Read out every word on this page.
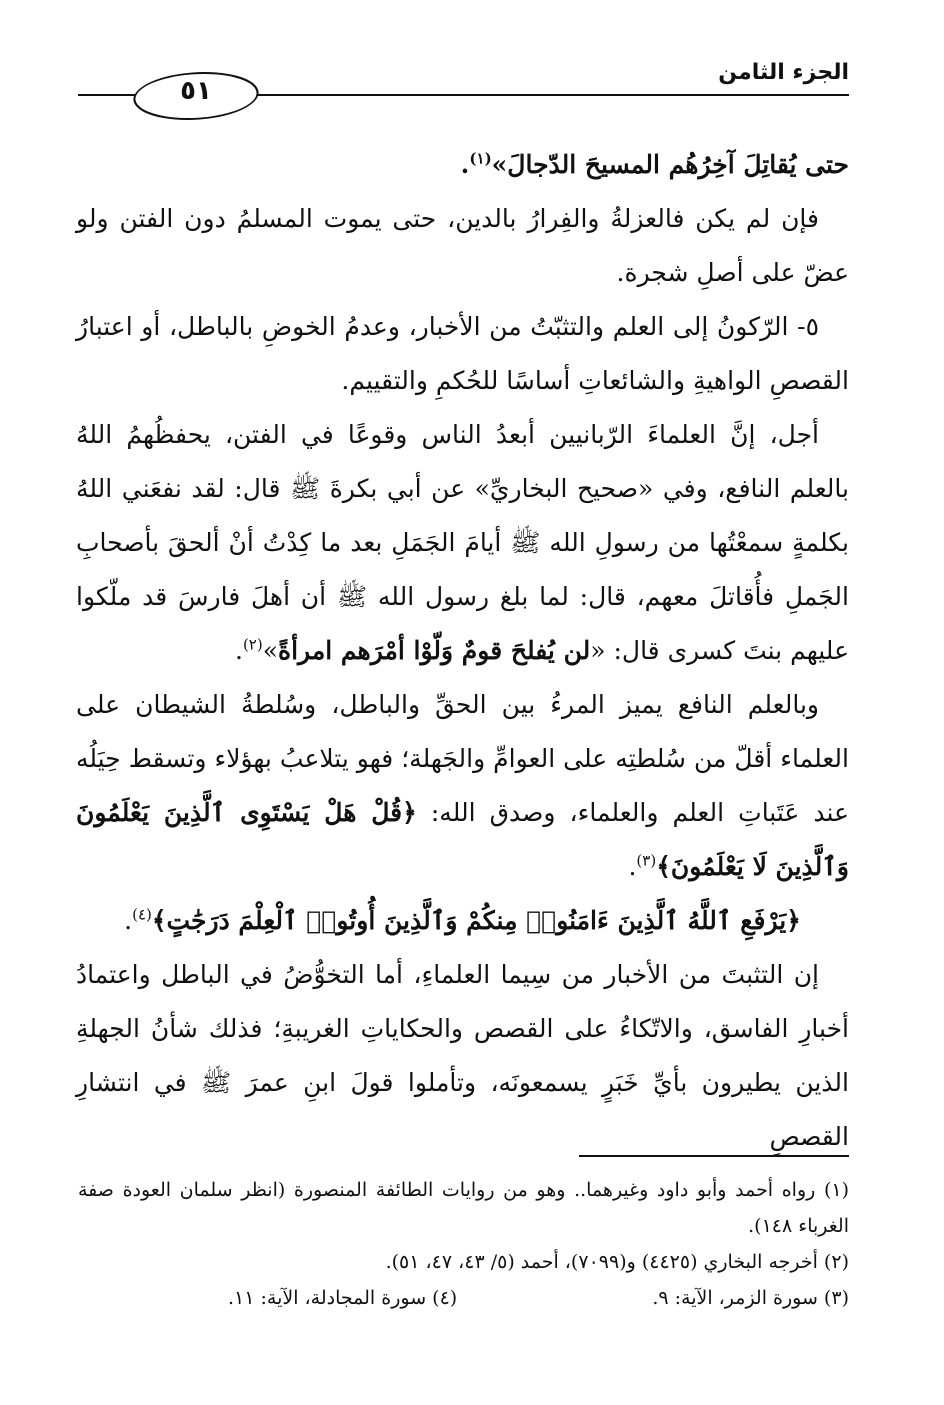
٥١
الجزء الثامن

حتى يُقاتِلَ آخِرُهُم المسيحَ الدّجالَ»$^{(١)}$.

فإن لم يكن فالعزلةُ والفِرارُ بالدين، حتى يموت المسلمُ دون الفتن ولو عضّ على أصلِ شجرة.

٥- الرّكونُ إلى العلم والتثبّتُ من الأخبار، وعدمُ الخوضِ بالباطل، أو اعتبارُ القصصِ الواهيةِ والشائعاتِ أساسًا للحُكمِ والتقييم.

أجل، إنَّ العلماءَ الرّبانيين أبعدُ الناس وقوعًا في الفتن، يحفظُهمُ اللهُ بالعلم النافع، وفي «صحيح البخاريِّ» عن أبي بكرةَ ﷺ قال: لقد نفعَني اللهُ بكلمةٍ سمعْتُها من رسولِ الله ﷺ أيامَ الجَمَلِ بعد ما كِدْتُ أنْ ألحقَ بأصحابِ الجَملِ فأُقاتلَ معهم، قال: لما بلغ رسول الله ﷺ أن أهلَ فارسَ قد ملّكوا عليهم بنتَ كسرى قال: «لن يُفلحَ قومٌ وَلّوْا أمْرَهم امرأةً»$^{(٢)}$.

وبالعلم النافع يميز المرءُ بين الحقِّ والباطل، وسُلطةُ الشيطان على العلماء أقلّ من سُلطتِه على العوامِّ والجَهلة؛ فهو يتلاعبُ بهؤلاء وتسقط حِيَلُه عند عَتَباتِ العلم والعلماء، وصدق الله: ﴿قُلْ هَلْ يَسْتَوِى ٱلَّذِينَ يَعْلَمُونَ وَٱلَّذِينَ لَا يَعْلَمُونَ﴾$^{(٣)}$.

﴿يَرْفَعِ ٱللَّهُ ٱلَّذِينَ ءَامَنُوا۟ مِنكُمْ وَٱلَّذِينَ أُوتُوا۟ ٱلْعِلْمَ دَرَجَٰتٍ﴾$^{(٤)}$.

إن التثبتَ من الأخبار من سِيما العلماءِ، أما التخوُّضُ في الباطل واعتمادُ أخبارِ الفاسق، والاتّكاءُ على القصص والحكاياتِ الغريبةِ؛ فذلك شأنُ الجهلةِ الذين يطيرون بأيِّ خَبَرٍ يسمعونَه، وتأملوا قولَ ابنِ عمرَ ﷺ في انتشارِ القصصِ

(١) رواه أحمد وأبو داود وغيرهما.. وهو من روايات الطائفة المنصورة (انظر سلمان العودة صفة الغرباء ١٤٨).

(٢) أخرجه البخاري (٤٤٢٥) و(٧٠٩٩)، أحمد (٥/ ٤٣، ٤٧، ٥١).

(٣) سورة الزمر، الآية: ٩.
(٤) سورة المجادلة، الآية: ١١.
